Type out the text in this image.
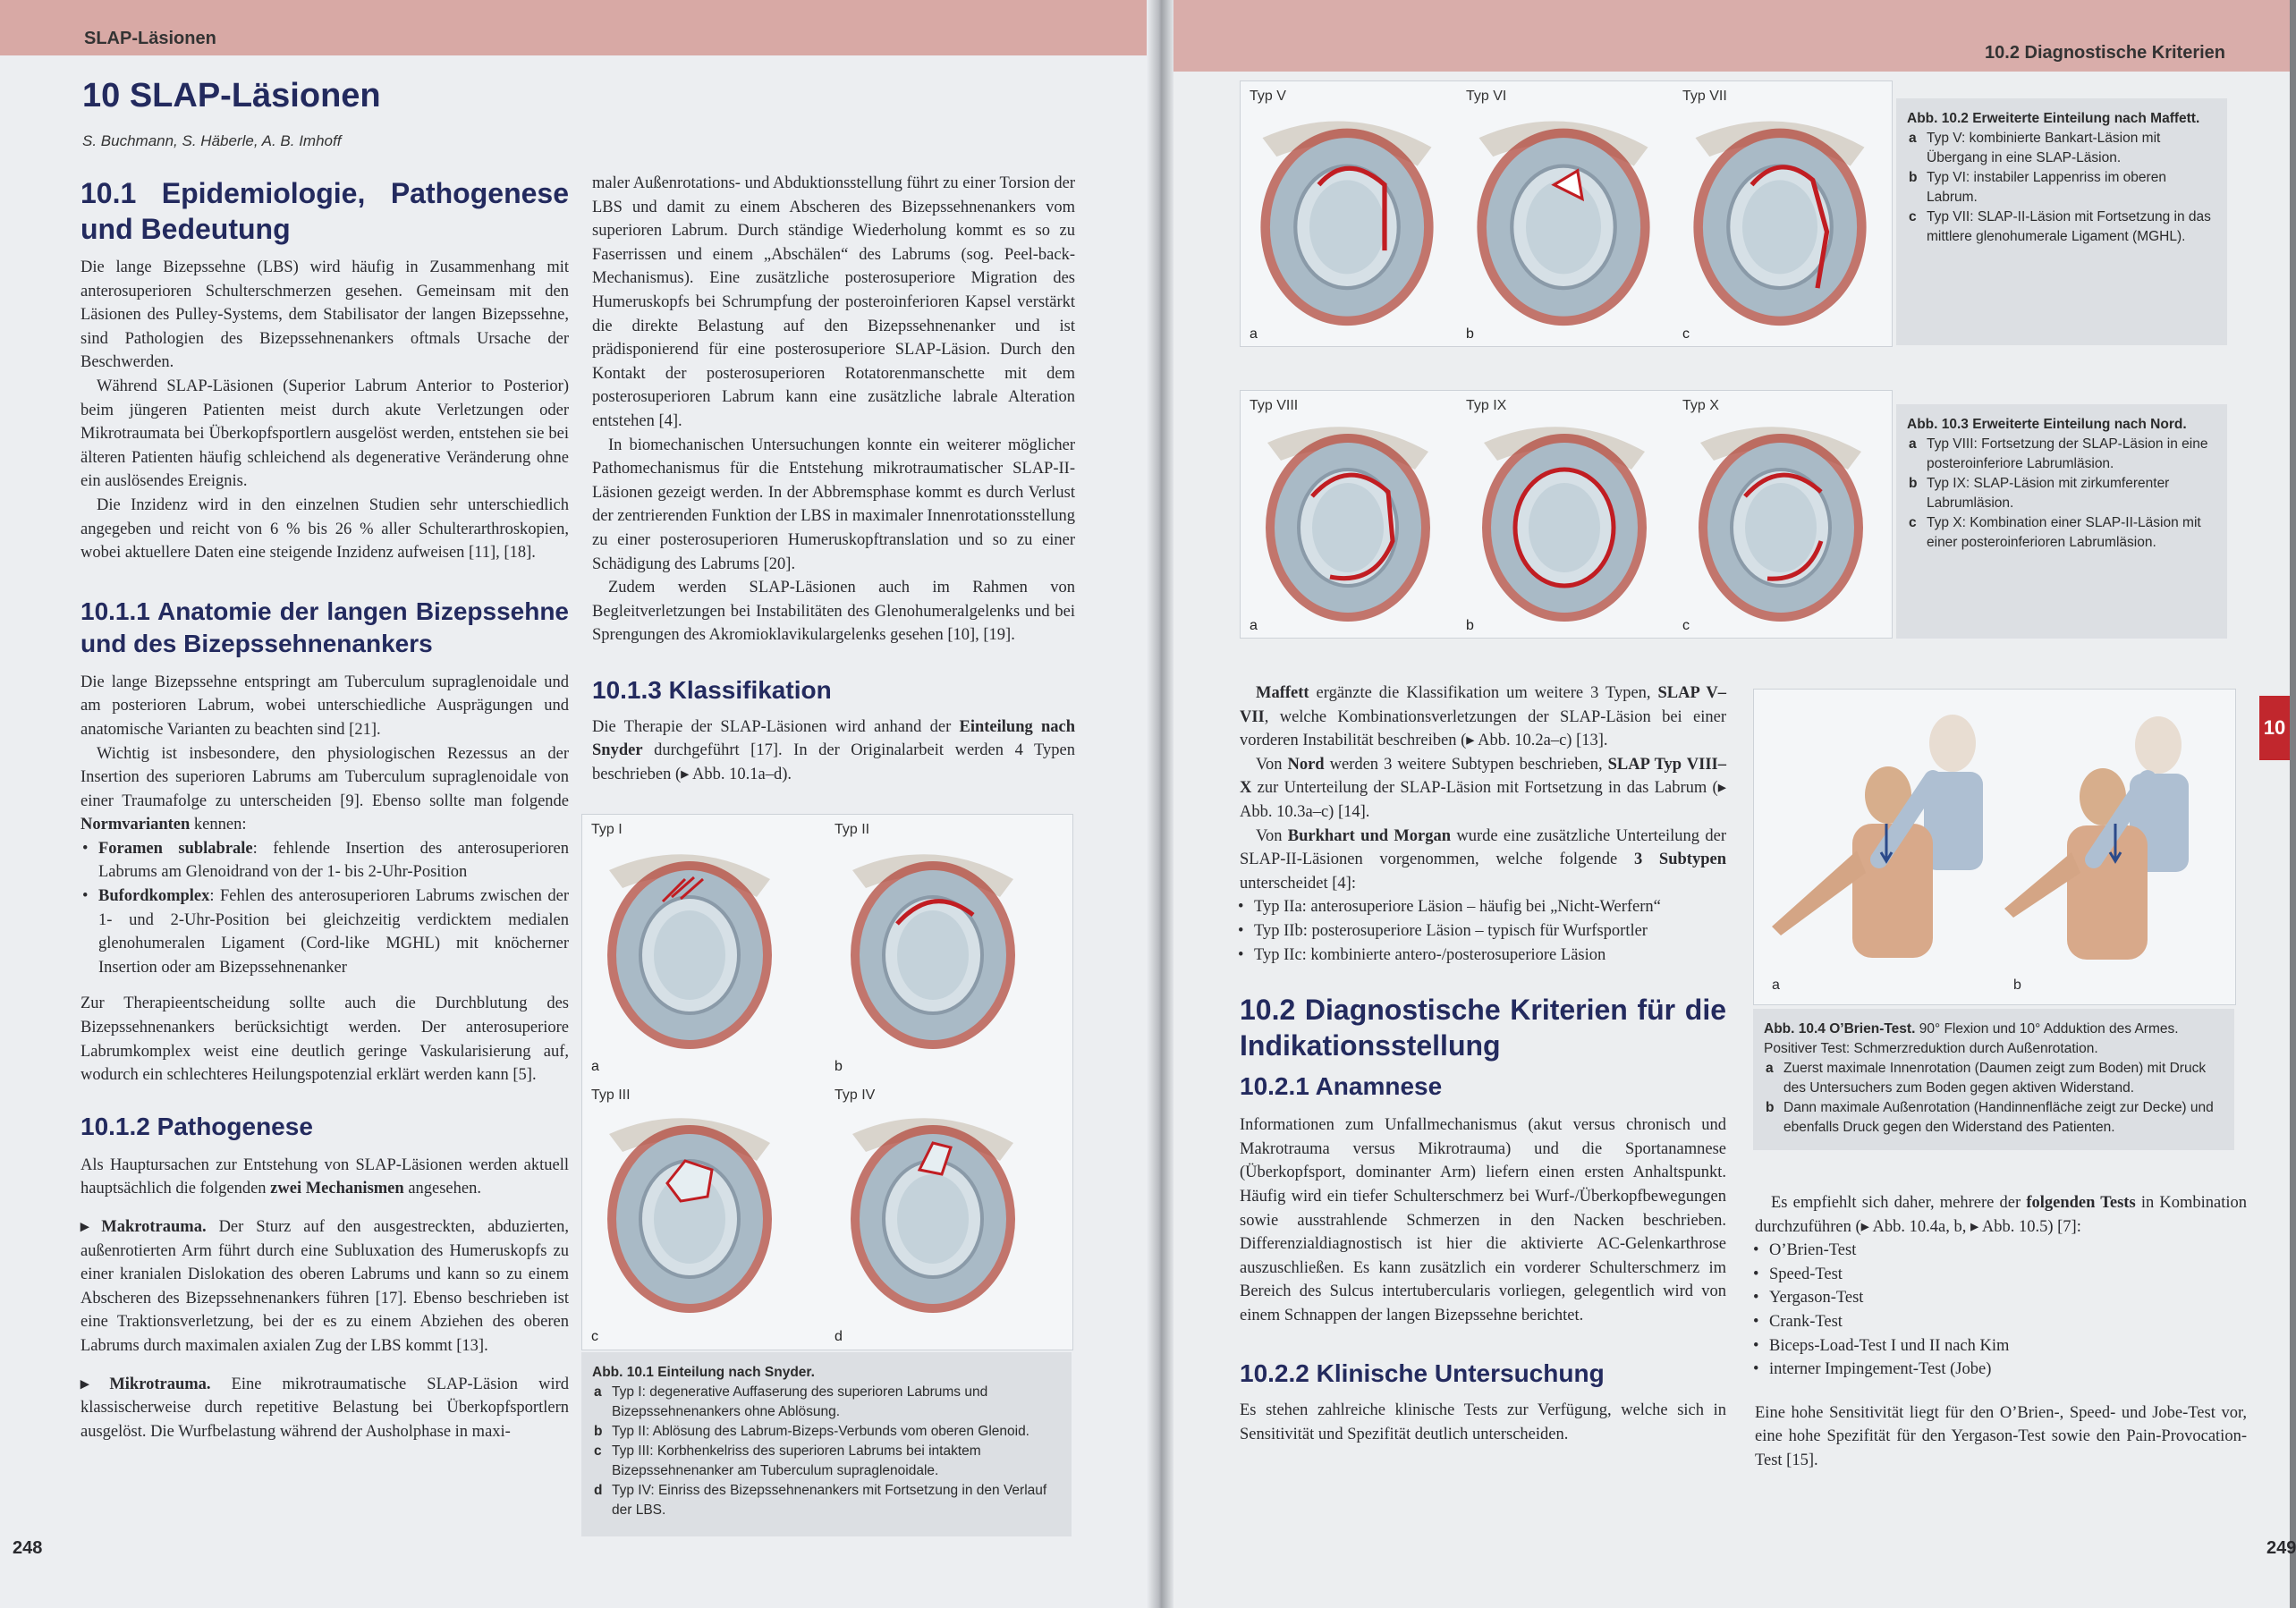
SLAP-Läsionen
10.2 Diagnostische Kriterien
248	249
10
10 SLAP-Läsionen
S. Buchmann, S. Häberle, A. B. Imhoff
10.1 Epidemiologie, Pathogenese und Bedeutung

Die lange Bizepssehne (LBS) wird häufig in Zusammenhang mit anterosuperioren Schulterschmerzen gesehen. Gemeinsam mit den Läsionen des Pulley-Systems, dem Stabilisator der langen Bizepssehne, sind Pathologien des Bizepssehnenankers oftmals Ursache der Beschwerden.

Während SLAP-Läsionen (Superior Labrum Anterior to Posterior) beim jüngeren Patienten meist durch akute Verletzungen oder Mikrotraumata bei Überkopfsportlern ausgelöst werden, entstehen sie bei älteren Patienten häufig schleichend als degenerative Veränderung ohne ein auslösendes Ereignis.

Die Inzidenz wird in den einzelnen Studien sehr unterschiedlich angegeben und reicht von 6 % bis 26 % aller Schulterarthroskopien, wobei aktuellere Daten eine steigende Inzidenz aufweisen [11], [18].

10.1.1 Anatomie der langen Bizepssehne und des Bizepssehnenankers

Die lange Bizepssehne entspringt am Tuberculum supraglenoidale und am posterioren Labrum, wobei unterschiedliche Ausprägungen und anatomische Varianten zu beachten sind [21].

Wichtig ist insbesondere, den physiologischen Rezessus an der Insertion des superioren Labrums am Tuberculum supraglenoidale von einer Traumafolge zu unterscheiden [9]. Ebenso sollte man folgende Normvarianten kennen:

• Foramen sublabrale: fehlende Insertion des anterosuperioren Labrums am Glenoidrand von der 1- bis 2-Uhr-Position
• Bufordkomplex: Fehlen des anterosuperioren Labrums zwischen der 1- und 2-Uhr-Position bei gleichzeitig verdicktem medialen glenohumeralen Ligament (Cord-like MGHL) mit knöcherner Insertion oder am Bizepssehnenanker

Zur Therapieentscheidung sollte auch die Durchblutung des Bizepssehnenankers berücksichtigt werden. Der anterosuperiore Labrumkomplex weist eine deutlich geringe Vaskularisierung auf, wodurch ein schlechteres Heilungspotenzial erklärt werden kann [5].

10.1.2 Pathogenese

Als Hauptursachen zur Entstehung von SLAP-Läsionen werden aktuell hauptsächlich die folgenden zwei Mechanismen angesehen.

▸ Makrotrauma. Der Sturz auf den ausgestreckten, abduzierten, außenrotierten Arm führt durch eine Subluxation des Humeruskopfs zu einer kranialen Dislokation des oberen Labrums und kann so zu einem Abscheren des Bizepssehnenankers führen [17]. Ebenso beschrieben ist eine Traktionsverletzung, bei der es zu einem Abziehen des oberen Labrums durch maximalen axialen Zug der LBS kommt [13].

▸ Mikrotrauma. Eine mikrotraumatische SLAP-Läsion wird klassischerweise durch repetitive Belastung bei Überkopfsportlern ausgelöst. Die Wurfbelastung während der Ausholphase in maxi-

maler Außenrotations- und Abduktionsstellung führt zu einer Torsion der LBS und damit zu einem Abscheren des Bizepssehnenankers vom superioren Labrum. Durch ständige Wiederholung kommt es so zu Faserrissen und einem „Abschälen“ des Labrums (sog. Peel-back-Mechanismus). Eine zusätzliche posterosuperiore Migration des Humeruskopfs bei Schrumpfung der posteroinferioren Kapsel verstärkt die direkte Belastung auf den Bizepssehnenanker und ist prädisponierend für eine posterosuperiore SLAP-Läsion. Durch den Kontakt der posterosuperioren Rotatorenmanschette mit dem posterosuperioren Labrum kann eine zusätzliche labrale Alteration entstehen [4].

In biomechanischen Untersuchungen konnte ein weiterer möglicher Pathomechanismus für die Entstehung mikrotraumatischer SLAP-II-Läsionen gezeigt werden. In der Abbremsphase kommt es durch Verlust der zentrierenden Funktion der LBS in maximaler Innenrotationsstellung zu einer posterosuperioren Humeruskopftranslation und so zu einer Schädigung des Labrums [20].

Zudem werden SLAP-Läsionen auch im Rahmen von Begleitverletzungen bei Instabilitäten des Glenohumeralgelenks und bei Sprengungen des Akromioklavikulargelenks gesehen [10], [19].

10.1.3 Klassifikation

Die Therapie der SLAP-Läsionen wird anhand der Einteilung nach Snyder durchgeführt [17]. In der Originalarbeit werden 4 Typen beschrieben (▸ Abb. 10.1a–d).

Typ I
a
Typ II
b
Typ III
c
Typ IV
d
Abb. 10.1 Einteilung nach Snyder.
a Typ I: degenerative Auffaserung des superioren Labrums und Bizepssehnenankers ohne Ablösung.
b Typ II: Ablösung des Labrum-Bizeps-Verbunds vom oberen Glenoid.
c Typ III: Korbhenkelriss des superioren Labrums bei intaktem Bizepssehnenanker am Tuberculum supraglenoidale.
d Typ IV: Einriss des Bizepssehnenankers mit Fortsetzung in den Verlauf der LBS.
Typ V
a
Typ VI
b
Typ VII
c
Abb. 10.2 Erweiterte Einteilung nach Maffett.
a Typ V: kombinierte Bankart-Läsion mit Übergang in eine SLAP-Läsion.
b Typ VI: instabiler Lappenriss im oberen Labrum.
c Typ VII: SLAP-II-Läsion mit Fortsetzung in das mittlere glenohumerale Ligament (MGHL).
Typ VIII
a
Typ IX
b
Typ X
c
Abb. 10.3 Erweiterte Einteilung nach Nord.
a Typ VIII: Fortsetzung der SLAP-Läsion in eine posteroinferiore Labrumläsion.
b Typ IX: SLAP-Läsion mit zirkumferenter Labrumläsion.
c Typ X: Kombination einer SLAP-II-Läsion mit einer posteroinferioren Labrumläsion.

Maffett ergänzte die Klassifikation um weitere 3 Typen, SLAP V–VII, welche Kombinationsverletzungen der SLAP-Läsion bei einer vorderen Instabilität beschreiben (▸ Abb. 10.2a–c) [13].

Von Nord werden 3 weitere Subtypen beschrieben, SLAP Typ VIII–X zur Unterteilung der SLAP-Läsion mit Fortsetzung in das Labrum (▸ Abb. 10.3a–c) [14].

Von Burkhart und Morgan wurde eine zusätzliche Unterteilung der SLAP-II-Läsionen vorgenommen, welche folgende 3 Subtypen unterscheidet [4]:

• Typ IIa: anterosuperiore Läsion – häufig bei „Nicht-Werfern“
• Typ IIb: posterosuperiore Läsion – typisch für Wurfsportler
• Typ IIc: kombinierte antero-/posterosuperiore Läsion
10.2 Diagnostische Kriterien für die Indikationsstellung
10.2.1 Anamnese

Informationen zum Unfallmechanismus (akut versus chronisch und Makrotrauma versus Mikrotrauma) und die Sportanamnese (Überkopfsport, dominanter Arm) liefern einen ersten Anhaltspunkt. Häufig wird ein tiefer Schulterschmerz bei Wurf-/Überkopfbewegungen sowie ausstrahlende Schmerzen in den Nacken beschrieben. Differenzialdiagnostisch ist hier die aktivierte AC-Gelenkarthrose auszuschließen. Es kann zusätzlich ein vorderer Schulterschmerz im Bereich des Sulcus intertubercularis vorliegen, gelegentlich wird von einem Schnappen der langen Bizepssehne berichtet.

10.2.2 Klinische Untersuchung

Es stehen zahlreiche klinische Tests zur Verfügung, welche sich in Sensitivität und Spezifität deutlich unterscheiden.

a	b
Abb. 10.4 O’Brien-Test. 90° Flexion und 10° Adduktion des Armes. Positiver Test: Schmerzreduktion durch Außenrotation.
a Zuerst maximale Innenrotation (Daumen zeigt zum Boden) mit Druck des Untersuchers zum Boden gegen aktiven Widerstand.
b Dann maximale Außenrotation (Handinnenfläche zeigt zur Decke) und ebenfalls Druck gegen den Widerstand des Patienten.

Es empfiehlt sich daher, mehrere der folgenden Tests in Kombination durchzuführen (▸ Abb. 10.4a, b, ▸ Abb. 10.5) [7]:

• O’Brien-Test
• Speed-Test
• Yergason-Test
• Crank-Test
• Biceps-Load-Test I und II nach Kim
• interner Impingement-Test (Jobe)

Eine hohe Sensitivität liegt für den O’Brien-, Speed- und Jobe-Test vor, eine hohe Spezifität für den Yergason-Test sowie den Pain-Provocation-Test [15].
